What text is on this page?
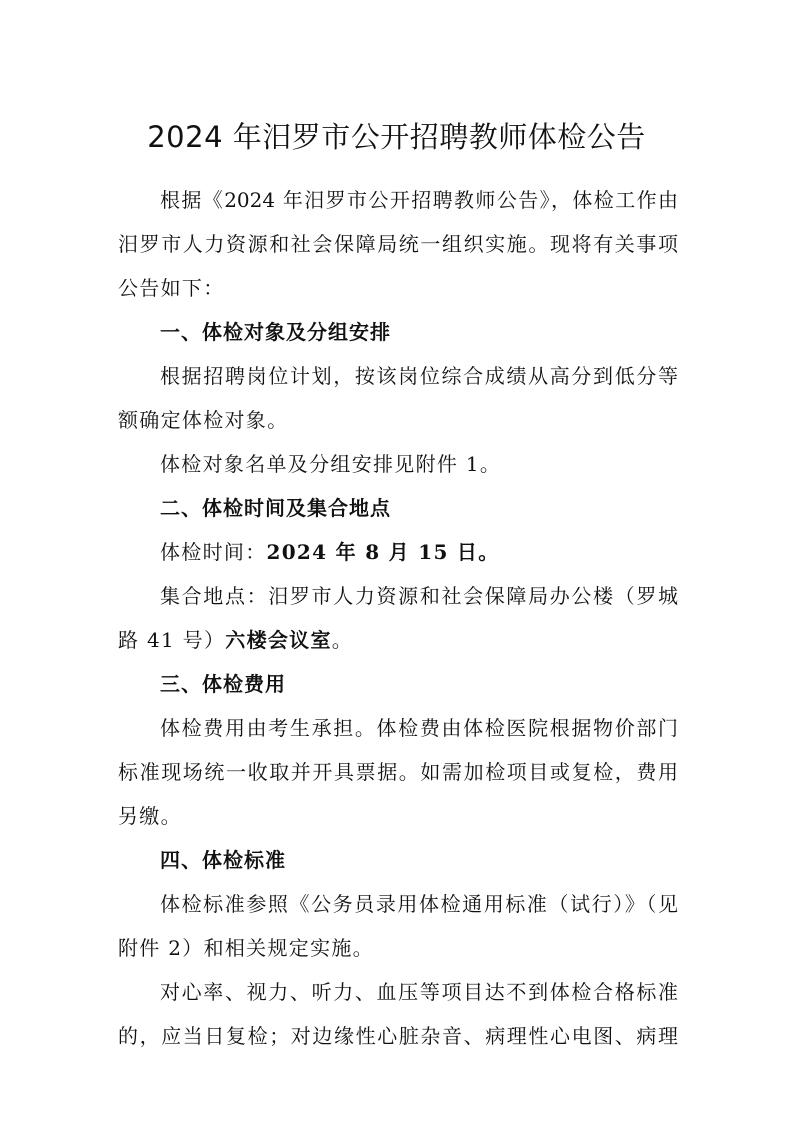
2024 年汨罗市公开招聘教师体检公告
根据《2024 年汨罗市公开招聘教师公告》，体检工作由
汨罗市人力资源和社会保障局统一组织实施。现将有关事项
公告如下：
一、体检对象及分组安排
根据招聘岗位计划，按该岗位综合成绩从高分到低分等
额确定体检对象。
体检对象名单及分组安排见附件 1。
二、体检时间及集合地点
体检时间：2024 年 8 月 15 日。
集合地点：汨罗市人力资源和社会保障局办公楼（罗城
路 41 号）六楼会议室。
三、体检费用
体检费用由考生承担。体检费由体检医院根据物价部门
标准现场统一收取并开具票据。如需加检项目或复检，费用
另缴。
四、体检标准
体检标准参照《公务员录用体检通用标准（试行）》（见
附件 2）和相关规定实施。
对心率、视力、听力、血压等项目达不到体检合格标准
的，应当日复检；对边缘性心脏杂音、病理性心电图、病理
